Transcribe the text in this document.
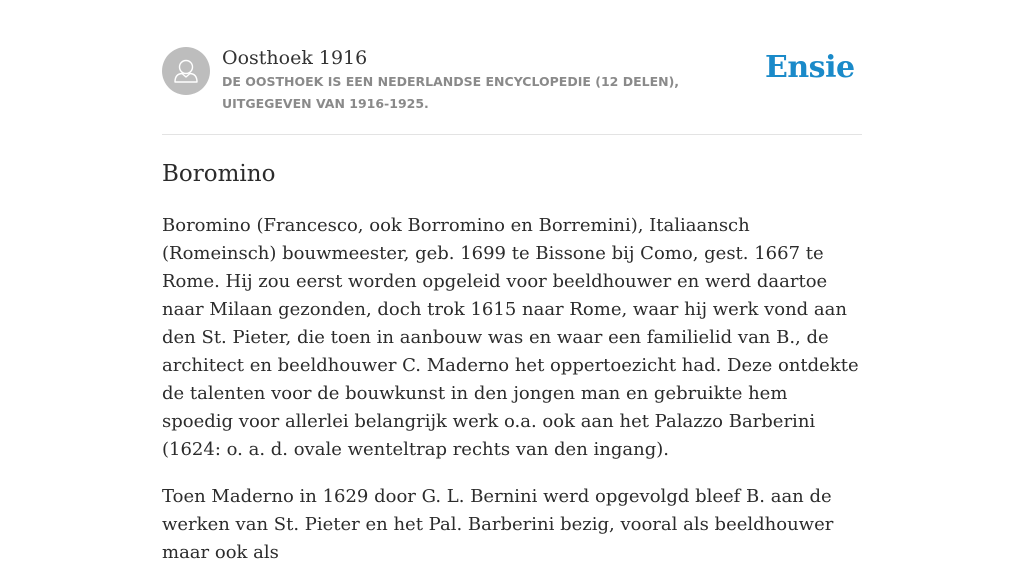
Oosthoek 1916
DE OOSTHOEK IS EEN NEDERLANDSE ENCYCLOPEDIE (12 DELEN), UITGEGEVEN VAN 1916-1925.
Ensie
Boromino

Boromino (Francesco, ook Borromino en Borremini), Italiaansch (Romeinsch) bouwmeester, geb. 1699 te Bissone bij Como, gest. 1667 te Rome. Hij zou eerst worden opgeleid voor beeldhouwer en werd daartoe naar Milaan gezonden, doch trok 1615 naar Rome, waar hij werk vond aan den St. Pieter, die toen in aanbouw was en waar een familielid van B., de architect en beeldhouwer C. Maderno het oppertoezicht had. Deze ontdekte de talenten voor de bouwkunst in den jongen man en gebruikte hem spoedig voor allerlei belangrijk werk o.a. ook aan het Palazzo Barberini (1624: o. a. d. ovale wenteltrap rechts van den ingang).

Toen Maderno in 1629 door G. L. Bernini werd opgevolgd bleef B. aan de werken van St. Pieter en het Pal. Barberini bezig, vooral als beeldhouwer maar ook als
